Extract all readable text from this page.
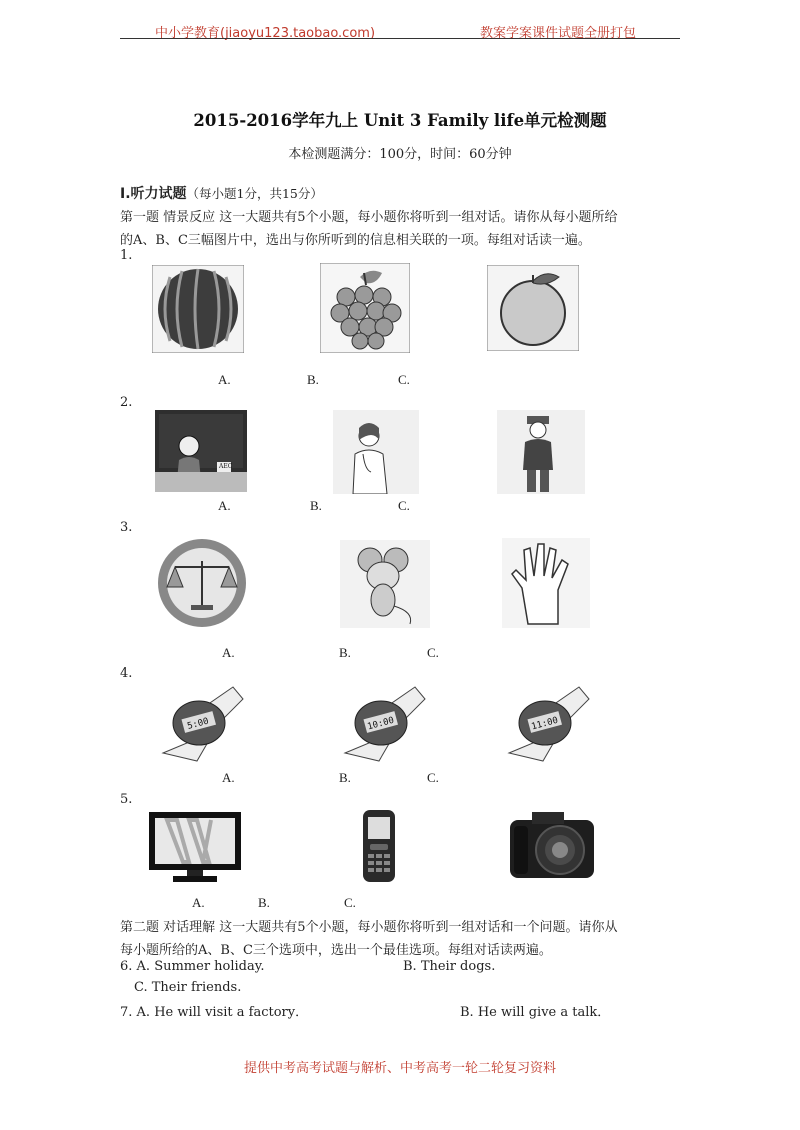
中小学教育(jiaoyu123.taobao.com)	教案学案课件试题全册打包
2015-2016学年九上 Unit 3 Family life单元检测题
本检测题满分：100分，时间：60分钟
Ⅰ.听力试题（每小题1分，共15分）
第一题 情景反应 这一大题共有5个小题，每小题你将听到一组对话。请你从每小题所给
的A、B、C三幅图片中，选出与你所听到的信息相关联的一项。每组对话读一遍。
1.
A.	B.	C.
2.
AEC
A.	B.	C.
3.
A.	B.	C.
4.
5:00	10:00	11:00
A.	B.	C.
5.
A.	B.	C.
第二题 对话理解 这一大题共有5个小题，每小题你将听到一组对话和一个问题。请你从
每小题所给的A、B、C三个选项中，选出一个最佳选项。每组对话读两遍。
6. A. Summer holiday.	B. Their dogs.
C. Their friends.
7. A. He will visit a factory．	B. He will give a talk．
提供中考高考试题与解析、中考高考一轮二轮复习资料
